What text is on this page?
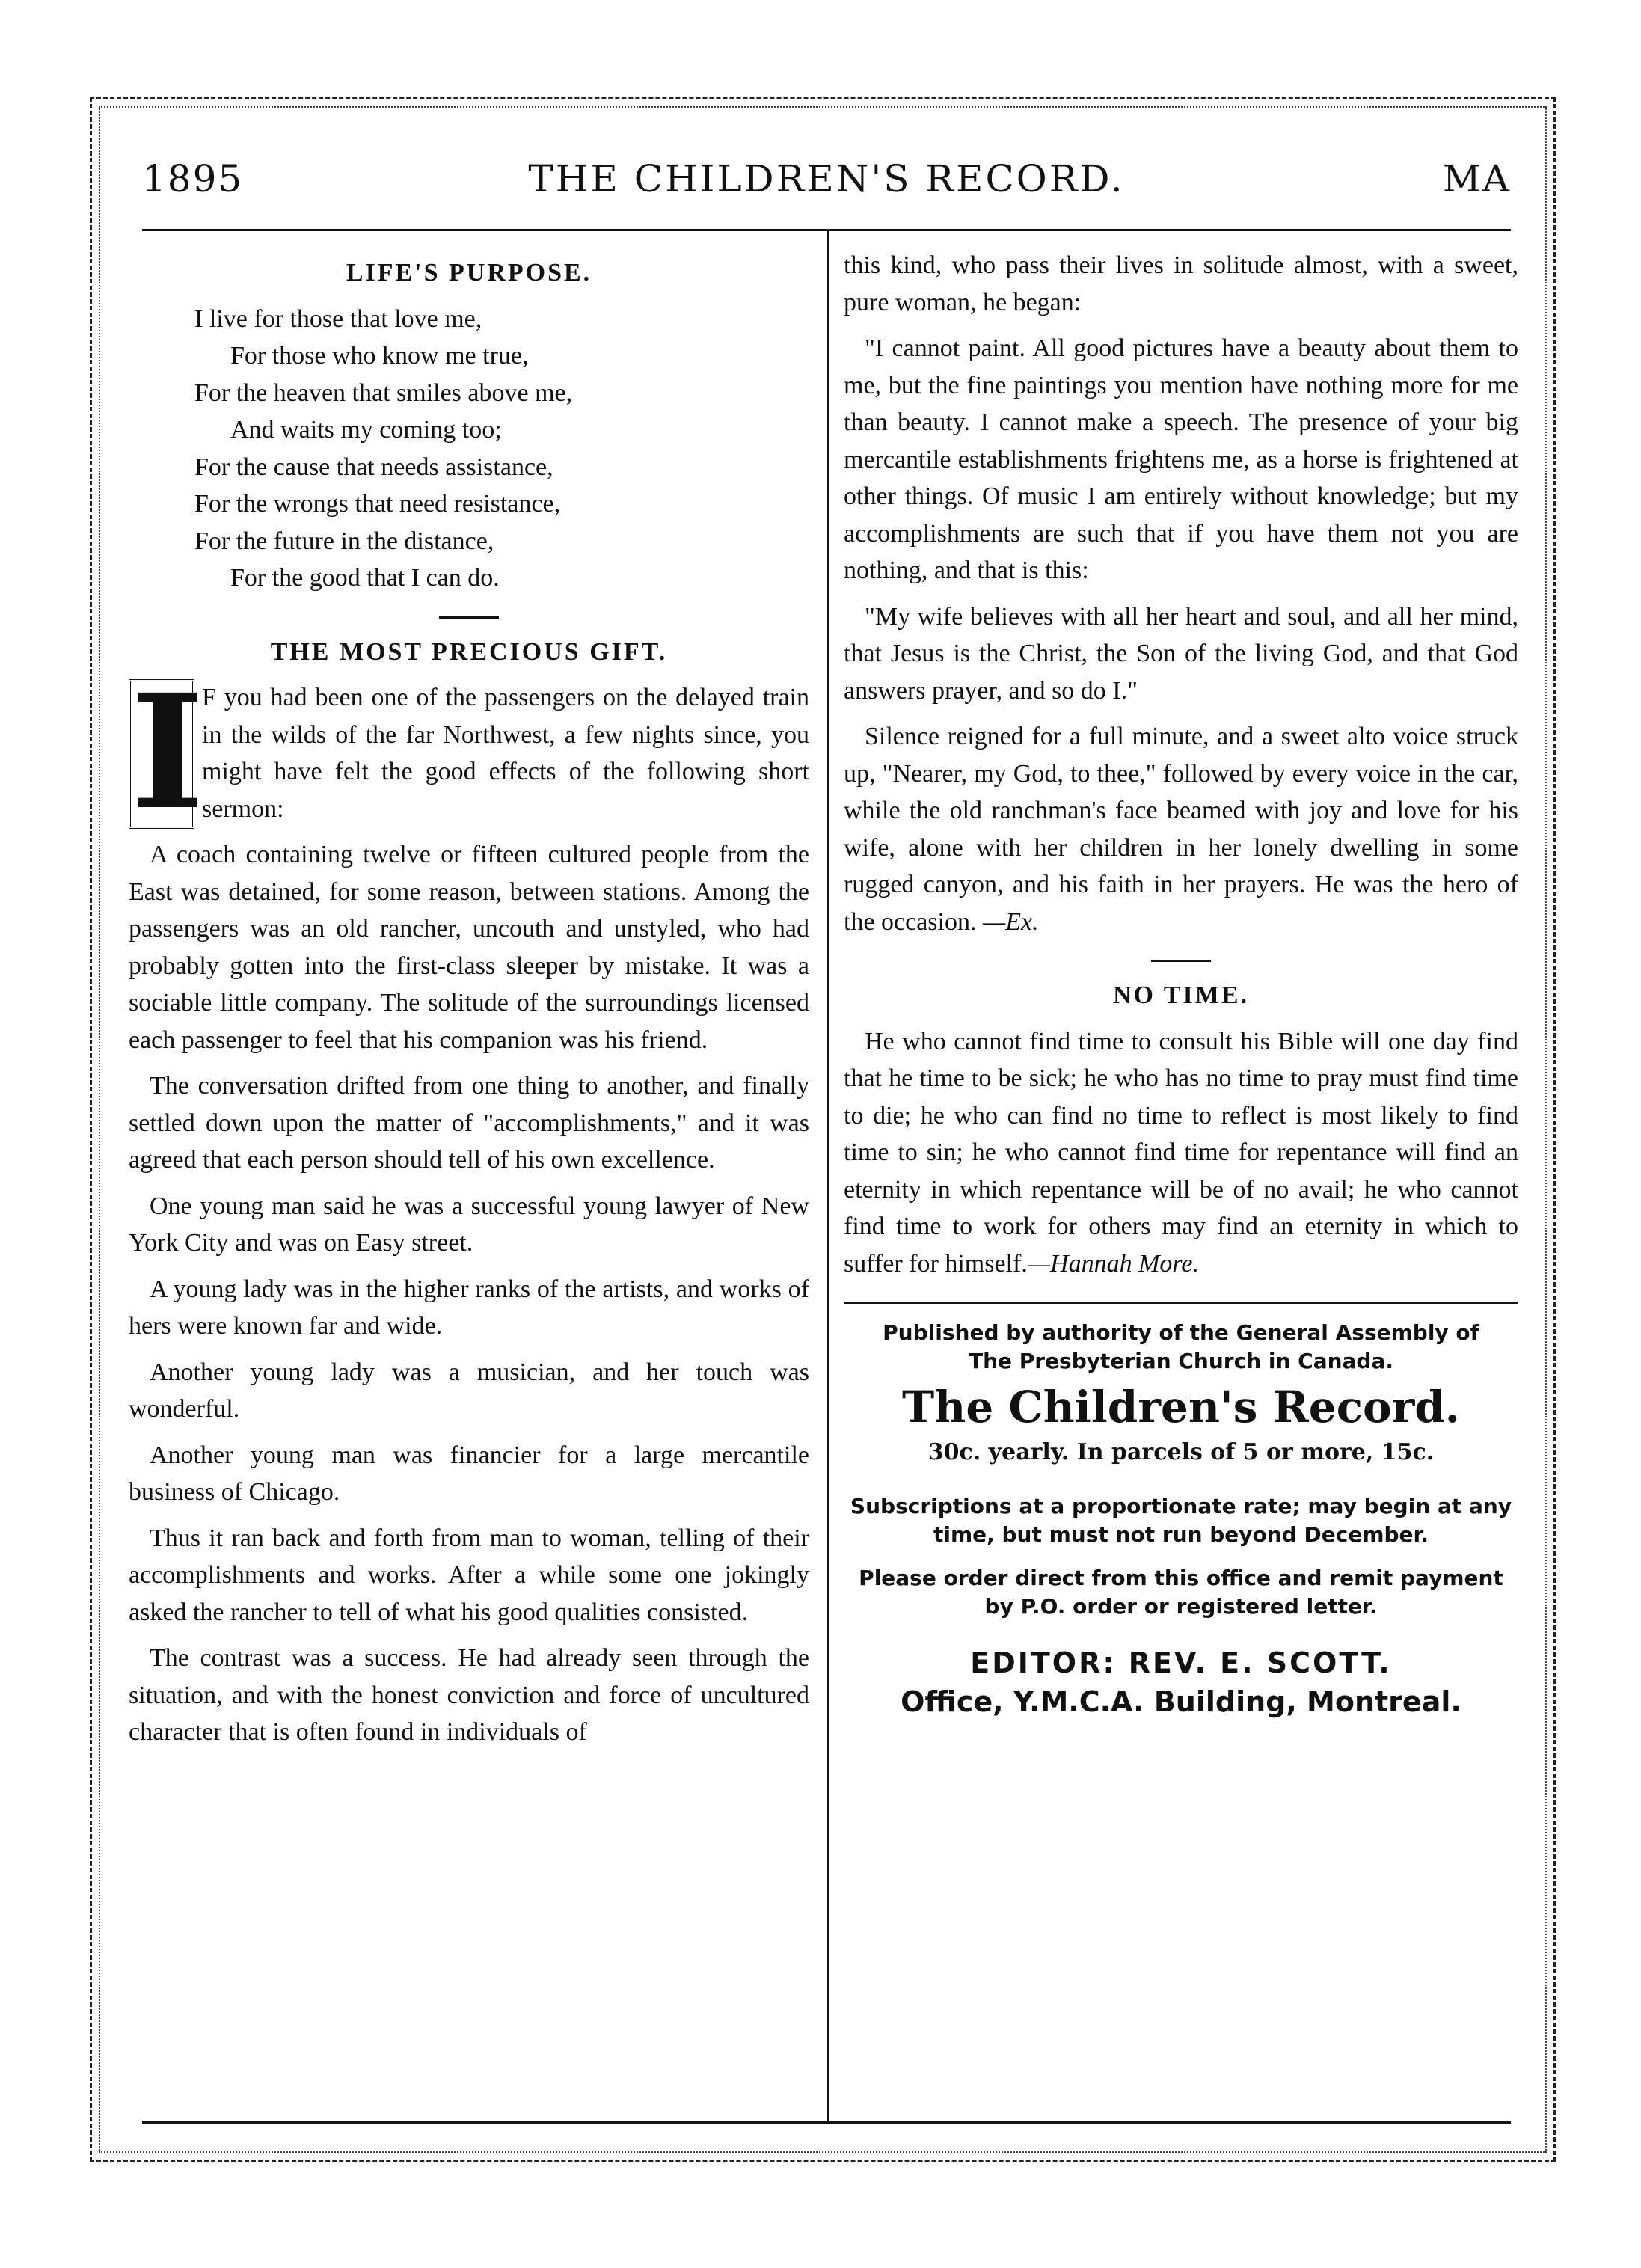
1895	THE CHILDREN'S RECORD.	MA
LIFE'S PURPOSE.
I live for those that love me,
For those who know me true,
For the heaven that smiles above me,
And waits my coming too;
For the cause that needs assistance,
For the wrongs that need resistance,
For the future in the distance,
For the good that I can do.
THE MOST PRECIOUS GIFT.

I
F you had been one of the passengers on the delayed train in the wilds of the far Northwest, a few nights since, you might have felt the good effects of the following short sermon:

A coach containing twelve or fifteen cultured people from the East was detained, for some reason, between stations. Among the passengers was an old rancher, uncouth and unstyled, who had probably gotten into the first-class sleeper by mistake. It was a sociable little company. The solitude of the surroundings licensed each passenger to feel that his companion was his friend.

The conversation drifted from one thing to another, and finally settled down upon the matter of "accomplishments," and it was agreed that each person should tell of his own excellence.

One young man said he was a successful young lawyer of New York City and was on Easy street.

A young lady was in the higher ranks of the artists, and works of hers were known far and wide.

Another young lady was a musician, and her touch was wonderful.

Another young man was financier for a large mercantile business of Chicago.

Thus it ran back and forth from man to woman, telling of their accomplishments and works. After a while some one jokingly asked the rancher to tell of what his good qualities consisted.

The contrast was a success. He had already seen through the situation, and with the honest conviction and force of uncultured character that is often found in individuals of

this kind, who pass their lives in solitude almost, with a sweet, pure woman, he began:

"I cannot paint. All good pictures have a beauty about them to me, but the fine paintings you mention have nothing more for me than beauty. I cannot make a speech. The presence of your big mercantile establishments frightens me, as a horse is frightened at other things. Of music I am entirely without knowledge; but my accomplishments are such that if you have them not you are nothing, and that is this:

"My wife believes with all her heart and soul, and all her mind, that Jesus is the Christ, the Son of the living God, and that God answers prayer, and so do I."

Silence reigned for a full minute, and a sweet alto voice struck up, "Nearer, my God, to thee," followed by every voice in the car, while the old ranchman's face beamed with joy and love for his wife, alone with her children in her lonely dwelling in some rugged canyon, and his faith in her prayers. He was the hero of the occasion. —Ex.

NO TIME.

He who cannot find time to consult his Bible will one day find that he time to be sick; he who has no time to pray must find time to die; he who can find no time to reflect is most likely to find time to sin; he who cannot find time for repentance will find an eternity in which repentance will be of no avail; he who cannot find time to work for others may find an eternity in which to suffer for himself.—Hannah More.

Published by authority of the General Assembly of
The Presbyterian Church in Canada.
The Children's Record.
30c. yearly. In parcels of 5 or more, 15c.
Subscriptions at a proportionate rate; may begin at any time, but must not run beyond December.
Please order direct from this office and remit payment by P.O. order or registered letter.
EDITOR: REV. E. SCOTT.
Office, Y.M.C.A. Building, Montreal.
